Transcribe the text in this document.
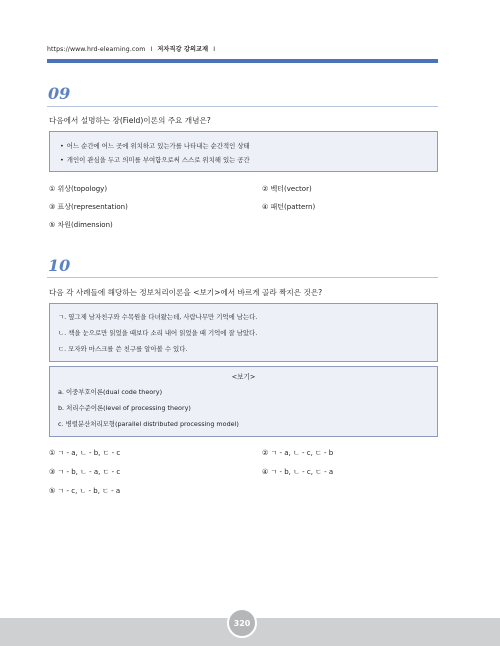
https://www.hrd-elearning.com I 저자직강 강의교재 I
09
다음에서 설명하는 장(Field)이론의 주요 개념은?
• 어느 순간에 어느 곳에 위치하고 있는가를 나타내는 순간적인 상태
• 개인이 관심을 두고 의미를 부여함으로써 스스로 위치해 있는 공간
① 위상(topology)	② 벡터(vector)
③ 표상(representation)	④ 패턴(pattern)
⑤ 차원(dimension)
10
다음 각 사례들에 해당하는 정보처리이론을 <보기>에서 바르게 골라 짝지은 것은?
ㄱ. 옆그제 남자친구와 수목원을 다녀왔는데, 사람나무만 기억에 남는다.
ㄴ. 책을 눈으로만 읽었을 때보다 소리 내어 읽었을 때 기억에 잘 남았다.
ㄷ. 모자와 마스크를 쓴 친구를 알아볼 수 있다.
<보기>
a. 이중부호이론(dual code theory)
b. 처리수준이론(level of processing theory)
c. 병렬분산처리모형(parallel distributed processing model)
① ㄱ - a, ㄴ - b, ㄷ - c	② ㄱ - a, ㄴ - c, ㄷ - b
③ ㄱ - b, ㄴ - a, ㄷ - c	④ ㄱ - b, ㄴ - c, ㄷ - a
⑤ ㄱ - c, ㄴ - b, ㄷ - a
320
